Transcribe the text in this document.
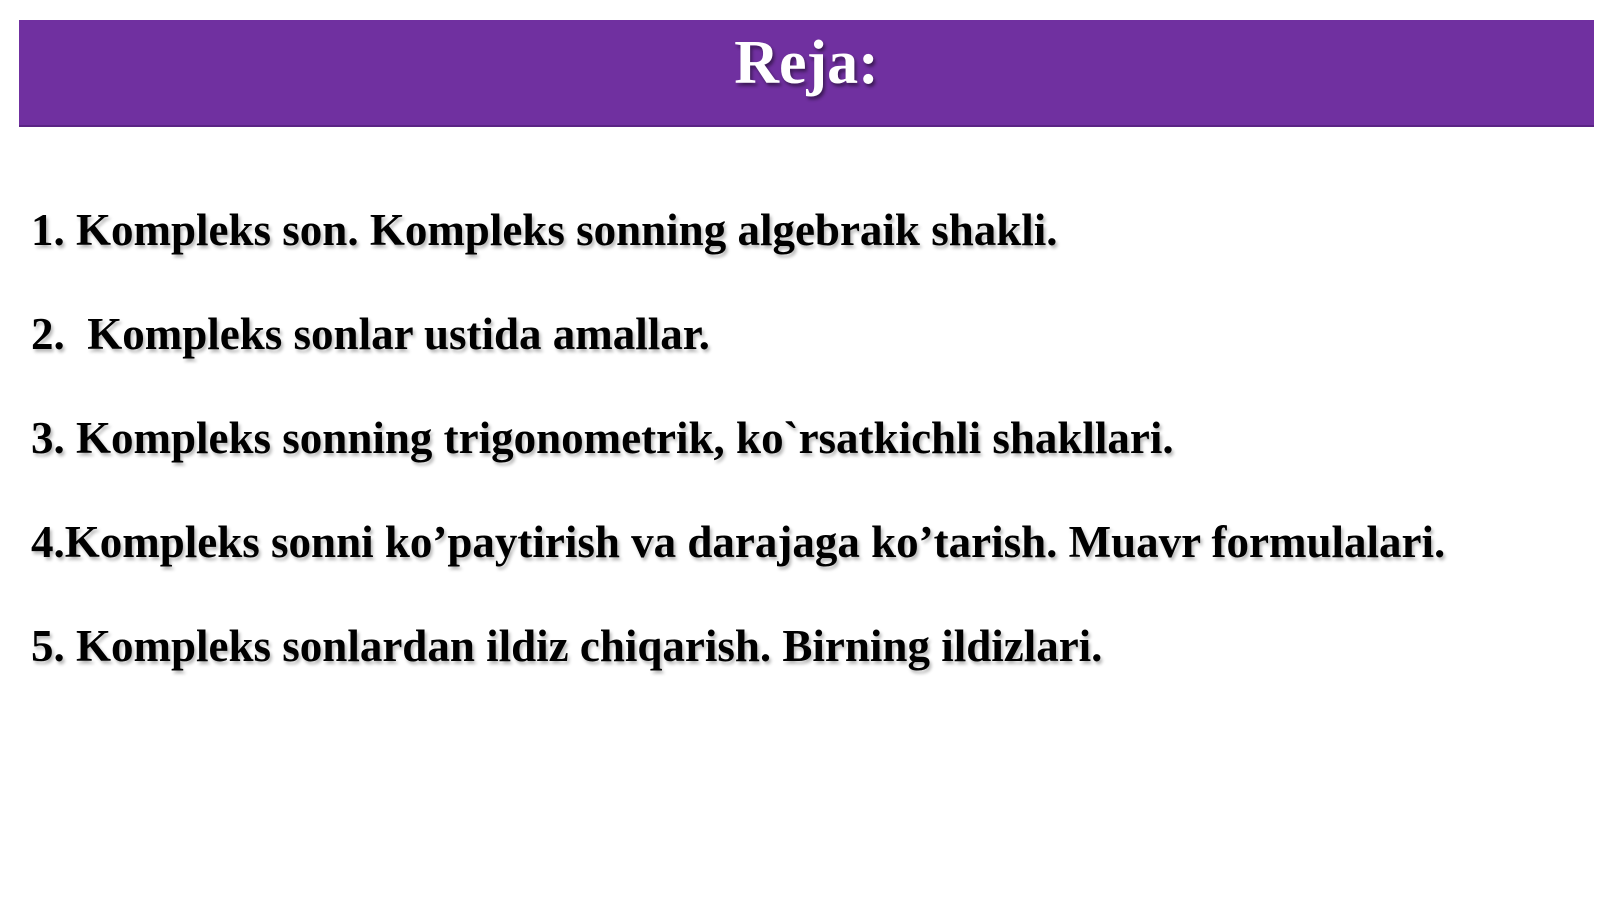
Reja:
1. Kompleks son. Kompleks sonning algebraik shakli.
2.  Kompleks sonlar ustida amallar.
3. Kompleks sonning trigonometrik, ko`rsatkichli shakllari.
4.Kompleks sonni ko’paytirish va darajaga ko’tarish. Muavr formulalari.
5. Kompleks sonlardan ildiz chiqarish. Birning ildizlari.
